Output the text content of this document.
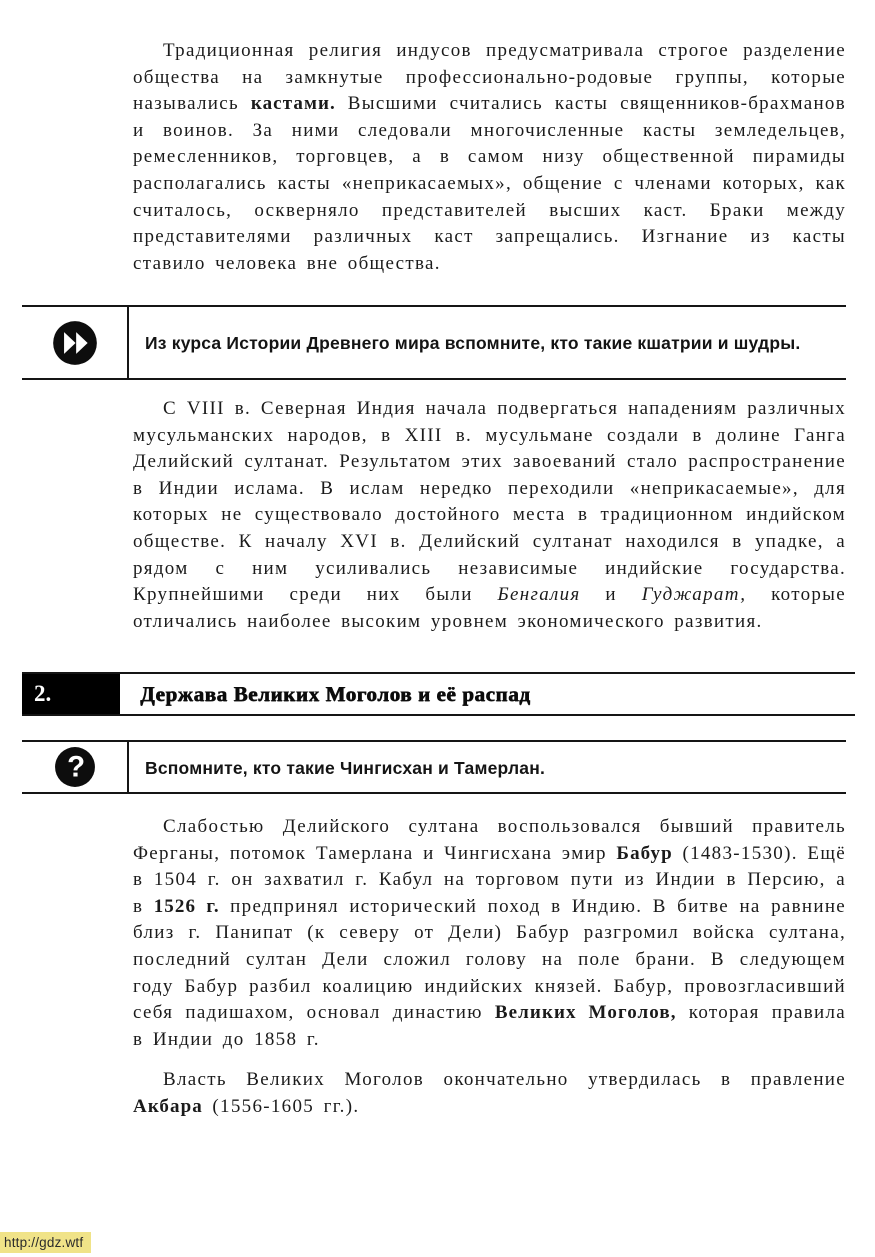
Традиционная религия индусов предусматривала строгое разделение общества на замкнутые профессионально-родовые группы, которые назывались кастами. Высшими считались касты священников-брахманов и воинов. За ними следовали многочисленные касты земледельцев, ремесленников, торговцев, а в самом низу общественной пирамиды располагались касты «неприкасаемых», общение с членами которых, как считалось, оскверняло представителей высших каст. Браки между представителями различных каст запрещались. Изгнание из касты ставило человека вне общества.

Из курса Истории Древнего мира вспомните, кто такие кшатрии и шудры.

С VIII в. Северная Индия начала подвергаться нападениям различных мусульманских народов, в XIII в. мусульмане создали в долине Ганга Делийский султанат. Результатом этих завоеваний стало распространение в Индии ислама. В ислам нередко переходили «неприкасаемые», для которых не существовало достойного места в традиционном индийском обществе. К началу XVI в. Делийский султанат находился в упадке, а рядом с ним усиливались независимые индийские государства. Крупнейшими среди них были Бенгалия и Гуджарат, которые отличались наиболее высоким уровнем экономического развития.

2.	Держава Великих Моголов и её распад
?	Вспомните, кто такие Чингисхан и Тамерлан.

Слабостью Делийского султана воспользовался бывший правитель Ферганы, потомок Тамерлана и Чингисхана эмир Бабур (1483-1530). Ещё в 1504 г. он захватил г. Кабул на торговом пути из Индии в Персию, а в 1526 г. предпринял исторический поход в Индию. В битве на равнине близ г. Панипат (к северу от Дели) Бабур разгромил войска султана, последний султан Дели сложил голову на поле брани. В следующем году Бабур разбил коалицию индийских князей. Бабур, провозгласивший себя падишахом, основал династию Великих Моголов, которая правила в Индии до 1858 г.

Власть Великих Моголов окончательно утвердилась в правление Акбара (1556-1605 гг.).

http://gdz.wtf
